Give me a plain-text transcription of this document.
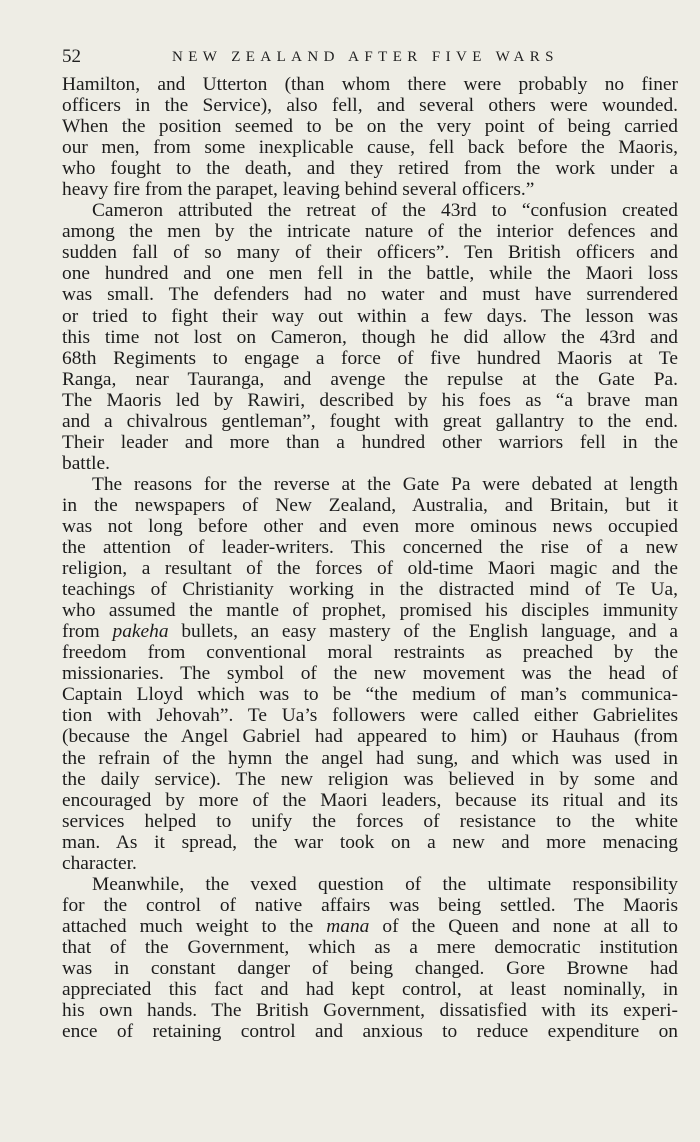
52	NEW ZEALAND AFTER FIVE WARS
Hamilton, and Utterton (than whom there were probably no finer
officers in the Service), also fell, and several others were wounded.
When the position seemed to be on the very point of being carried
our men, from some inexplicable cause, fell back before the Maoris,
who fought to the death, and they retired from the work under a
heavy fire from the parapet, leaving behind several officers.”
Cameron attributed the retreat of the 43rd to “confusion created
among the men by the intricate nature of the interior defences and
sudden fall of so many of their officers”. Ten British officers and
one hundred and one men fell in the battle, while the Maori loss
was small. The defenders had no water and must have surrendered
or tried to fight their way out within a few days. The lesson was
this time not lost on Cameron, though he did allow the 43rd and
68th Regiments to engage a force of five hundred Maoris at Te
Ranga, near Tauranga, and avenge the repulse at the Gate Pa.
The Maoris led by Rawiri, described by his foes as “a brave man
and a chivalrous gentleman”, fought with great gallantry to the end.
Their leader and more than a hundred other warriors fell in the
battle.
The reasons for the reverse at the Gate Pa were debated at length
in the newspapers of New Zealand, Australia, and Britain, but it
was not long before other and even more ominous news occupied
the attention of leader-writers. This concerned the rise of a new
religion, a resultant of the forces of old-time Maori magic and the
teachings of Christianity working in the distracted mind of Te Ua,
who assumed the mantle of prophet, promised his disciples immunity
from pakeha bullets, an easy mastery of the English language, and a
freedom from conventional moral restraints as preached by the
missionaries. The symbol of the new movement was the head of
Captain Lloyd which was to be “the medium of man’s communica-
tion with Jehovah”. Te Ua’s followers were called either Gabrielites
(because the Angel Gabriel had appeared to him) or Hauhaus (from
the refrain of the hymn the angel had sung, and which was used in
the daily service). The new religion was believed in by some and
encouraged by more of the Maori leaders, because its ritual and its
services helped to unify the forces of resistance to the white
man. As it spread, the war took on a new and more menacing
character.
Meanwhile, the vexed question of the ultimate responsibility
for the control of native affairs was being settled. The Maoris
attached much weight to the mana of the Queen and none at all to
that of the Government, which as a mere democratic institution
was in constant danger of being changed. Gore Browne had
appreciated this fact and had kept control, at least nominally, in
his own hands. The British Government, dissatisfied with its experi-
ence of retaining control and anxious to reduce expenditure on
